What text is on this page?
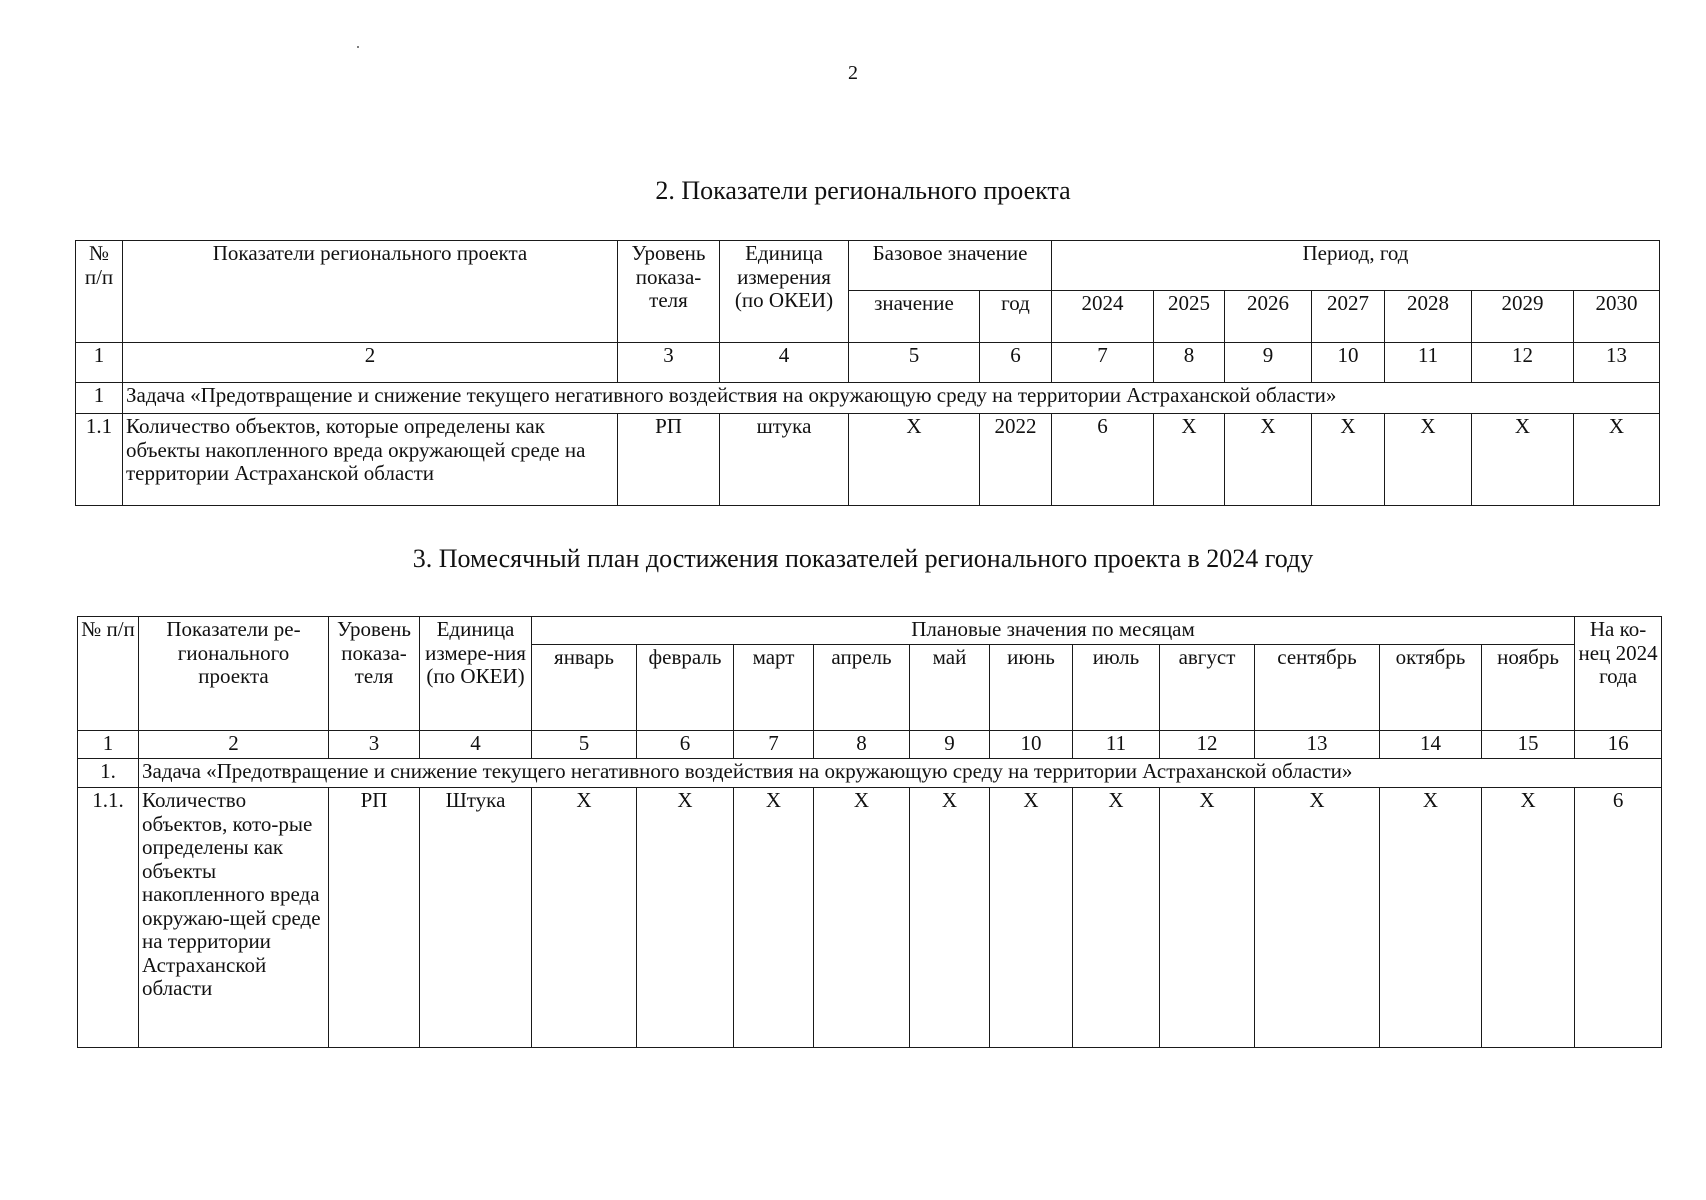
2
2. Показатели регионального проекта
№ п/п	Показатели регионального проекта	Уровень показа-теля	Единица измерения (по ОКЕИ)	Базовое значение		Период, год						
				значение	год	2024	2025	2026	2027	2028	2029	2030
1	2	3	4	5	6	7	8	9	10	11	12	13
1	Задача «Предотвращение и снижение текущего негативного воздействия на окружающую среду на территории Астраханской области»											
1.1	Количество объектов, которые определены как объекты накопленного вреда окружающей среде на территории Астраханской области	РП	штука	Х	2022	6	Х	Х	Х	Х	Х	Х
3. Помесячный план достижения показателей регионального проекта в 2024 году
№ п/п	Показатели ре-гионального проекта	Уровень показа-теля	Единица измере-ния (по ОКЕИ)	Плановые значения по месяцам											На ко-нец 2024 года
				январь	февраль	март	апрель	май	июнь	июль	август	сентябрь	октябрь	ноябрь	
1	2	3	4	5	6	7	8	9	10	11	12	13	14	15	16
1.	Задача «Предотвращение и снижение текущего негативного воздействия на окружающую среду на территории Астраханской области»														
1.1.	Количество объектов, кото-рые определены как объекты накопленного вреда окружаю-щей среде на территории Астраханской области	РП	Штука	Х	Х	Х	Х	Х	Х	Х	Х	Х	Х	Х	6
